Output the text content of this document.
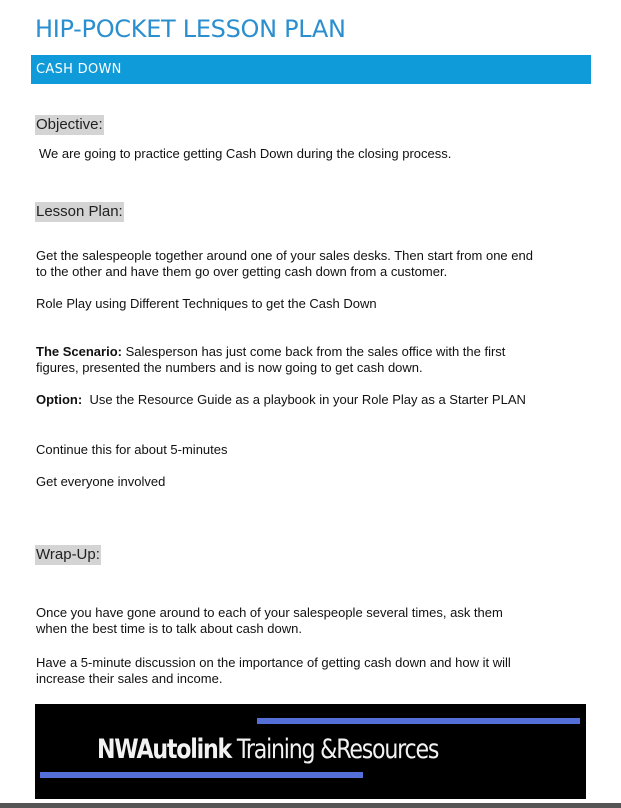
HIP-POCKET LESSON PLAN
CASH DOWN
Objective:
We are going to practice getting Cash Down during the closing process.
Lesson Plan:
Get the salespeople together around one of your sales desks. Then start from one end
to the other and have them go over getting cash down from a customer.
Role Play using Different Techniques to get the Cash Down
The Scenario: Salesperson has just come back from the sales office with the first
figures, presented the numbers and is now going to get cash down.
Option:  Use the Resource Guide as a playbook in your Role Play as a Starter PLAN
Continue this for about 5-minutes
Get everyone involved
Wrap-Up:
Once you have gone around to each of your salespeople several times, ask them
when the best time is to talk about cash down.
Have a 5-minute discussion on the importance of getting cash down and how it will
increase their sales and income.
NWAutolink Training &Resources
